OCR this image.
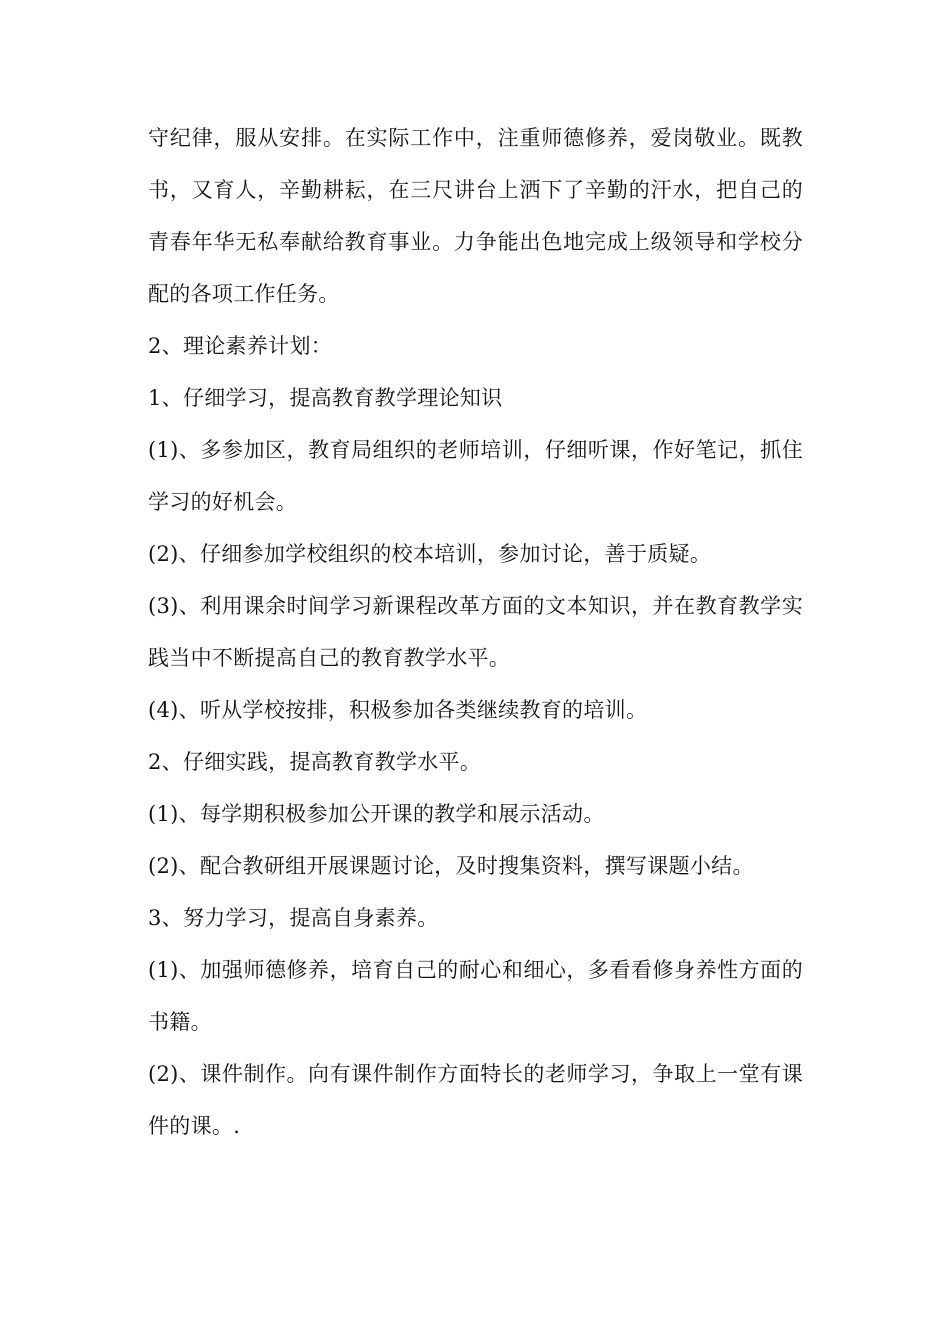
守纪律，服从安排。在实际工作中，注重师德修养，爱岗敬业。既教书，又育人，辛勤耕耘，在三尺讲台上洒下了辛勤的汗水，把自己的青春年华无私奉献给教育事业。力争能出色地完成上级领导和学校分配的各项工作任务。

2、理论素养计划：

1、仔细学习，提高教育教学理论知识

(1)、多参加区，教育局组织的老师培训，仔细听课，作好笔记，抓住学习的好机会。

(2)、仔细参加学校组织的校本培训，参加讨论，善于质疑。

(3)、利用课余时间学习新课程改革方面的文本知识，并在教育教学实践当中不断提高自己的教育教学水平。

(4)、听从学校按排，积极参加各类继续教育的培训。

2、仔细实践，提高教育教学水平。

(1)、每学期积极参加公开课的教学和展示活动。

(2)、配合教研组开展课题讨论，及时搜集资料，撰写课题小结。

3、努力学习，提高自身素养。

(1)、加强师德修养，培育自己的耐心和细心，多看看修身养性方面的书籍。

(2)、课件制作。向有课件制作方面特长的老师学习，争取上一堂有课件的课。.
